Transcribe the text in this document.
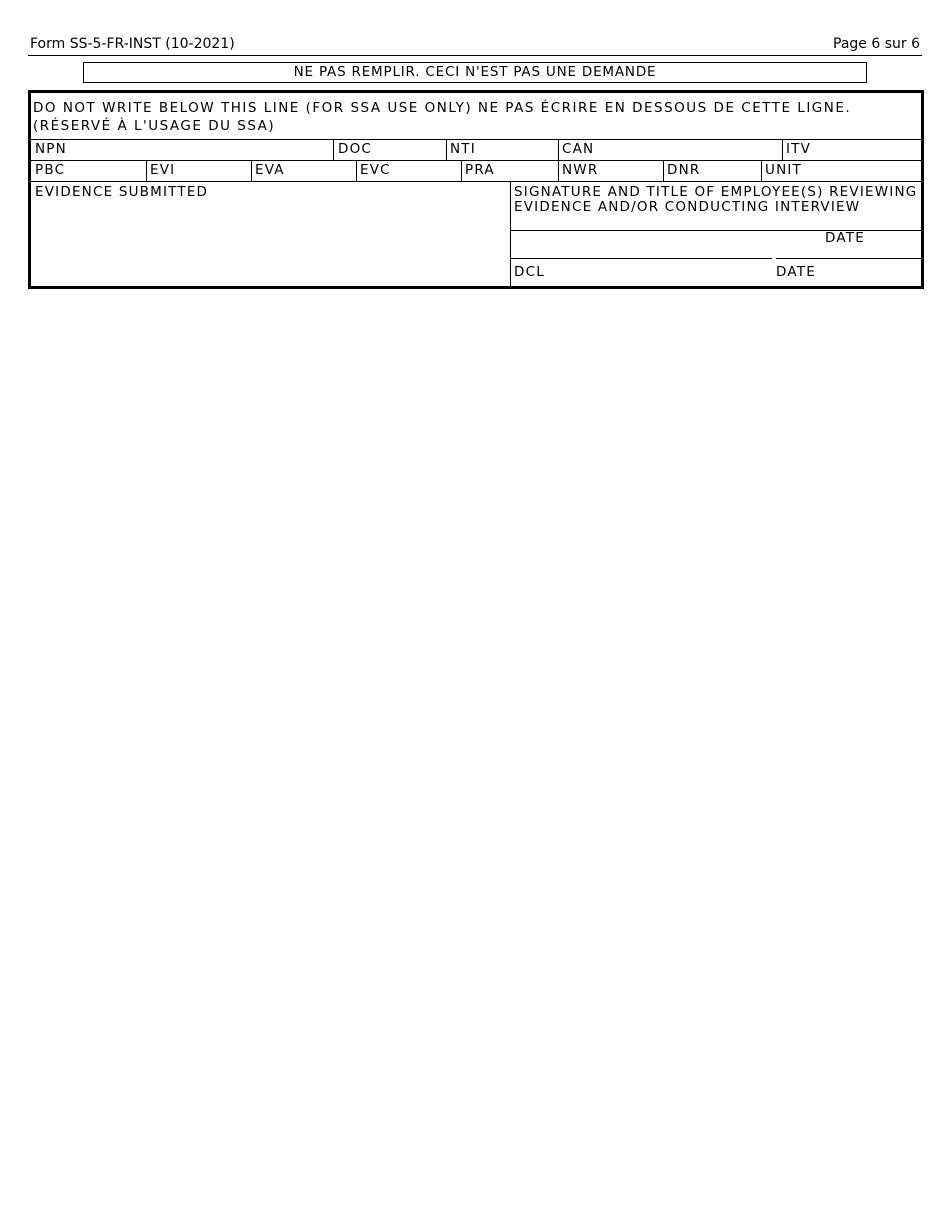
Form SS-5-FR-INST (10-2021)	Page 6 sur 6
NE PAS REMPLIR. CECI N'EST PAS UNE DEMANDE
DO NOT WRITE BELOW THIS LINE (FOR SSA USE ONLY) NE PAS ÉCRIRE EN DESSOUS DE CETTE LIGNE. (RÉSERVÉ À L'USAGE DU SSA)
NPN	DOC	NTI	CAN	ITV
PBC	EVI	EVA	EVC	PRA	NWR	DNR	UNIT
EVIDENCE SUBMITTED	SIGNATURE AND TITLE OF EMPLOYEE(S) REVIEWING EVIDENCE AND/OR CONDUCTING INTERVIEW
DATE
DCL	DATE
